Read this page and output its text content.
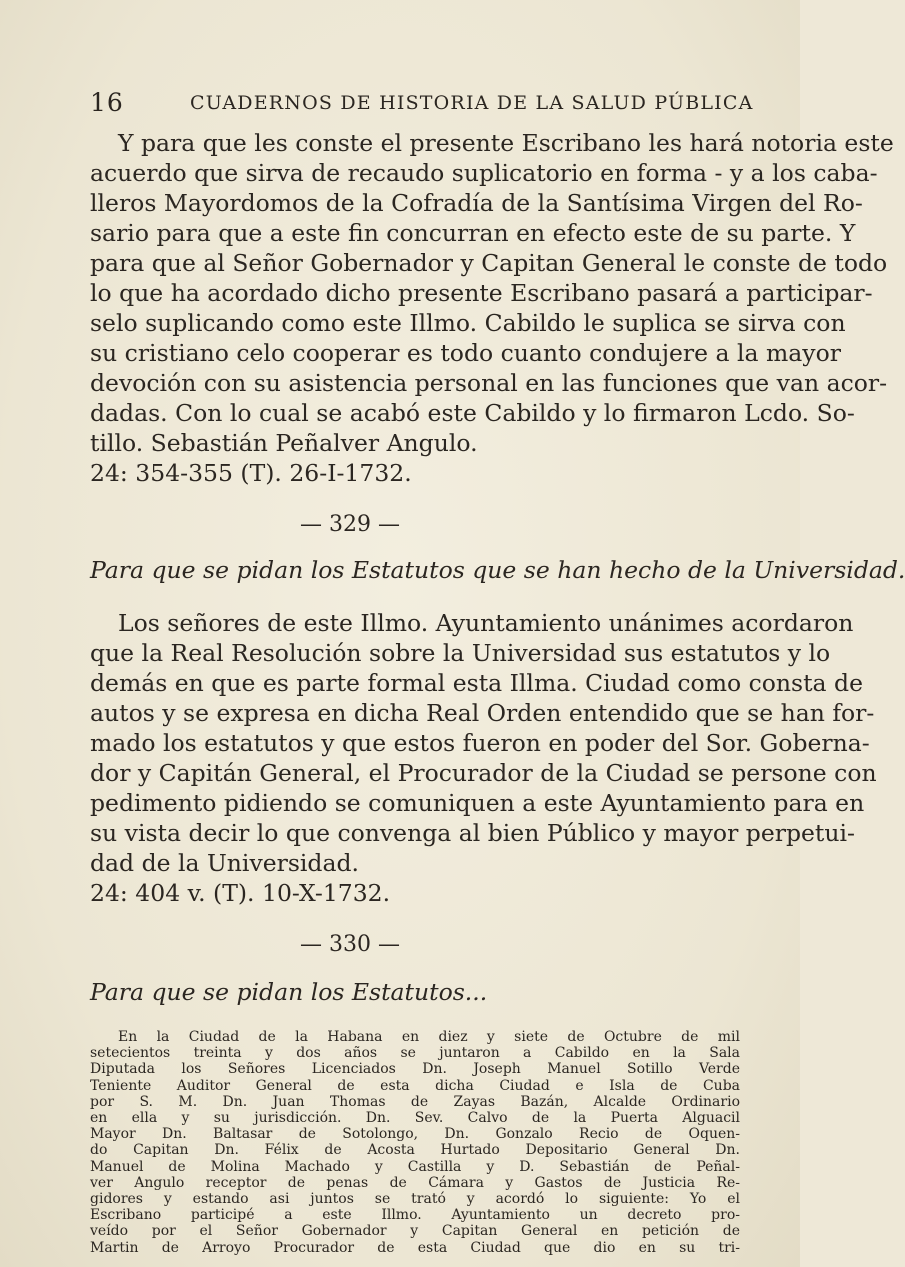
16	CUADERNOS DE HISTORIA DE LA SALUD PÚBLICA
Y para que les conste el presente Escribano les hará notoria este
acuerdo que sirva de recaudo suplicatorio en forma - y a los caba-
lleros Mayordomos de la Cofradía de la Santísima Virgen del Ro-
sario para que a este fin concurran en efecto este de su parte. Y
para que al Señor Gobernador y Capitan General le conste de todo
lo que ha acordado dicho presente Escribano pasará a participar-
selo suplicando como este Illmo. Cabildo le suplica se sirva con
su cristiano celo cooperar es todo cuanto condujere a la mayor
devoción con su asistencia personal en las funciones que van acor-
dadas. Con lo cual se acabó este Cabildo y lo firmaron Lcdo. So-
tillo. Sebastián Peñalver Angulo.
24: 354-355 (T). 26-I-1732.
— 329 —
Para que se pidan los Estatutos que se han hecho de la Universidad.
Los señores de este Illmo. Ayuntamiento unánimes acordaron
que la Real Resolución sobre la Universidad sus estatutos y lo
demás en que es parte formal esta Illma. Ciudad como consta de
autos y se expresa en dicha Real Orden entendido que se han for-
mado los estatutos y que estos fueron en poder del Sor. Goberna-
dor y Capitán General, el Procurador de la Ciudad se persone con
pedimento pidiendo se comuniquen a este Ayuntamiento para en
su vista decir lo que convenga al bien Público y mayor perpetui-
dad de la Universidad.
24: 404 v. (T). 10-X-1732.
— 330 —
Para que se pidan los Estatutos...
En la Ciudad de la Habana en diez y siete de Octubre de mil
setecientos treinta y dos años se juntaron a Cabildo en la Sala
Diputada los Señores Licenciados Dn. Joseph Manuel Sotillo Verde
Teniente Auditor General de esta dicha Ciudad e Isla de Cuba
por S. M. Dn. Juan Thomas de Zayas Bazán, Alcalde Ordinario
en ella y su jurisdicción. Dn. Sev. Calvo de la Puerta Alguacil
Mayor Dn. Baltasar de Sotolongo, Dn. Gonzalo Recio de Oquen-
do Capitan Dn. Félix de Acosta Hurtado Depositario General Dn.
Manuel de Molina Machado y Castilla y D. Sebastián de Peñal-
ver Angulo receptor de penas de Cámara y Gastos de Justicia Re-
gidores y estando asi juntos se trató y acordó lo siguiente: Yo el
Escribano participé a este Illmo. Ayuntamiento un decreto pro-
veído por el Señor Gobernador y Capitan General en petición de
Martin de Arroyo Procurador de esta Ciudad que dio en su tri-
